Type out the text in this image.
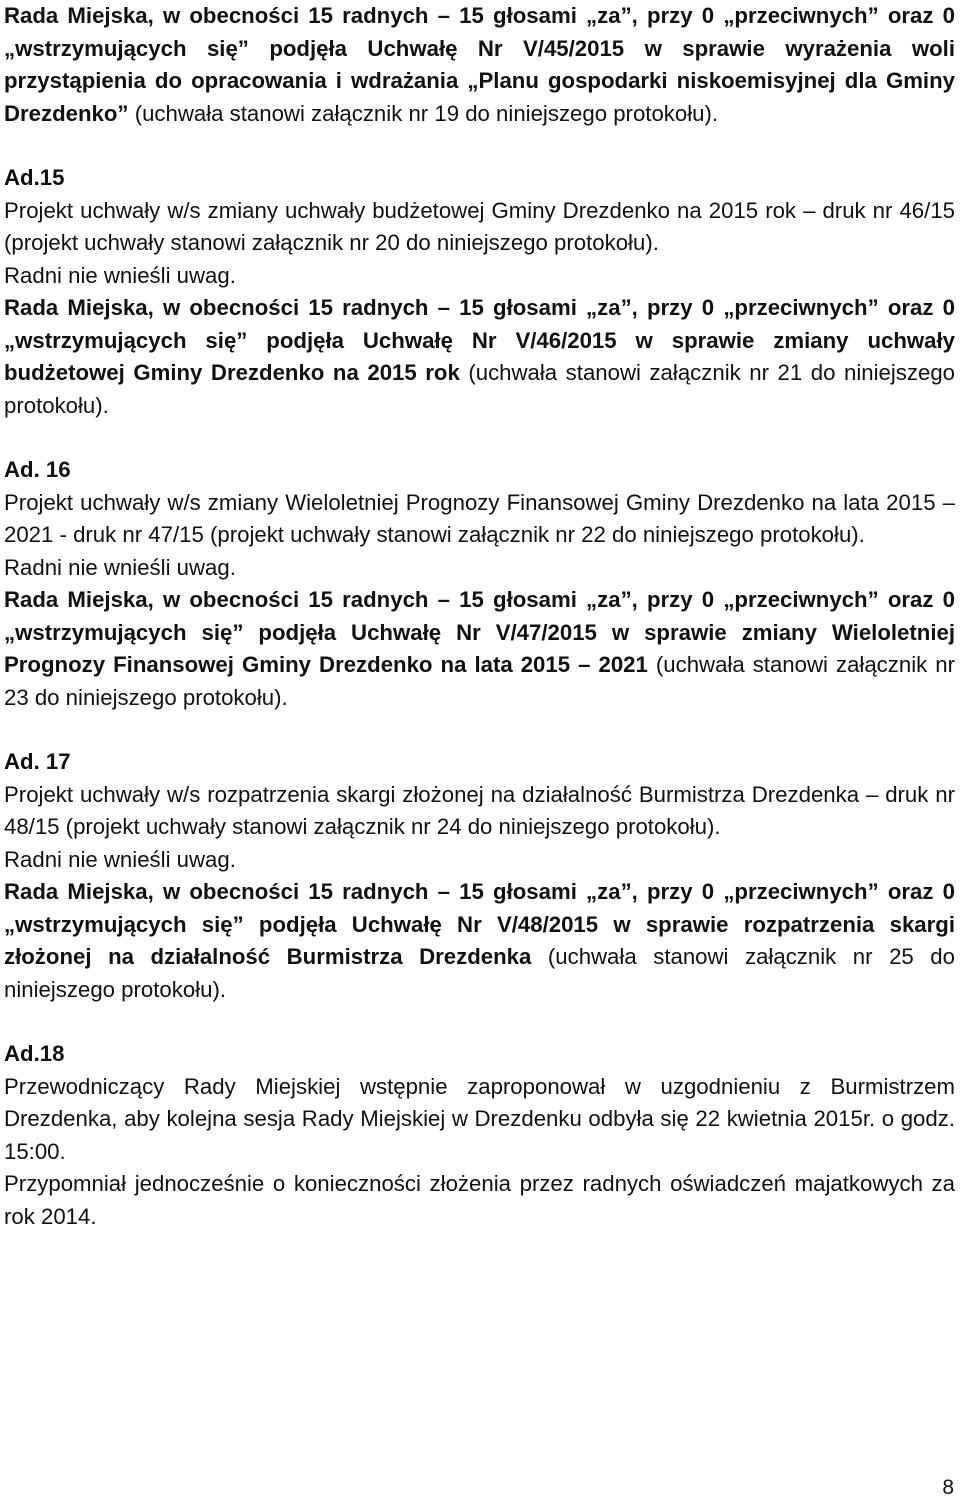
Rada Miejska, w obecności 15 radnych – 15 głosami „za”, przy 0 „przeciwnych” oraz 0 „wstrzymujących się” podjęła Uchwałę Nr V/45/2015 w sprawie wyrażenia woli przystąpienia do opracowania i wdrażania „Planu gospodarki niskoemisyjnej dla Gminy Drezdenko” (uchwała stanowi załącznik nr 19 do niniejszego protokołu).

Ad.15

Projekt uchwały w/s zmiany uchwały budżetowej Gminy Drezdenko na 2015 rok – druk nr 46/15 (projekt uchwały stanowi załącznik nr 20 do niniejszego protokołu).

Radni nie wnieśli uwag.

Rada Miejska, w obecności 15 radnych – 15 głosami „za”, przy 0 „przeciwnych” oraz 0 „wstrzymujących się” podjęła Uchwałę Nr V/46/2015 w sprawie zmiany uchwały budżetowej Gminy Drezdenko na 2015 rok (uchwała stanowi załącznik nr 21 do niniejszego protokołu).

Ad. 16

Projekt uchwały w/s zmiany Wieloletniej Prognozy Finansowej Gminy Drezdenko na lata 2015 – 2021 - druk nr 47/15 (projekt uchwały stanowi załącznik nr 22 do niniejszego protokołu).

Radni nie wnieśli uwag.

Rada Miejska, w obecności 15 radnych – 15 głosami „za”, przy 0 „przeciwnych” oraz 0 „wstrzymujących się” podjęła Uchwałę Nr V/47/2015 w sprawie zmiany Wieloletniej Prognozy Finansowej Gminy Drezdenko na lata 2015 – 2021 (uchwała stanowi załącznik nr 23 do niniejszego protokołu).

Ad. 17

Projekt uchwały w/s rozpatrzenia skargi złożonej na działalność Burmistrza Drezdenka – druk nr 48/15 (projekt uchwały stanowi załącznik nr 24 do niniejszego protokołu).

Radni nie wnieśli uwag.

Rada Miejska, w obecności 15 radnych – 15 głosami „za”, przy 0 „przeciwnych” oraz 0 „wstrzymujących się” podjęła Uchwałę Nr V/48/2015 w sprawie rozpatrzenia skargi złożonej na działalność Burmistrza Drezdenka (uchwała stanowi załącznik nr 25 do niniejszego protokołu).

Ad.18

Przewodniczący Rady Miejskiej wstępnie zaproponował w uzgodnieniu z Burmistrzem Drezdenka, aby kolejna sesja Rady Miejskiej w Drezdenku odbyła się 22 kwietnia 2015r. o godz. 15:00.

Przypomniał jednocześnie o konieczności złożenia przez radnych oświadczeń majatkowych za rok 2014.

8
